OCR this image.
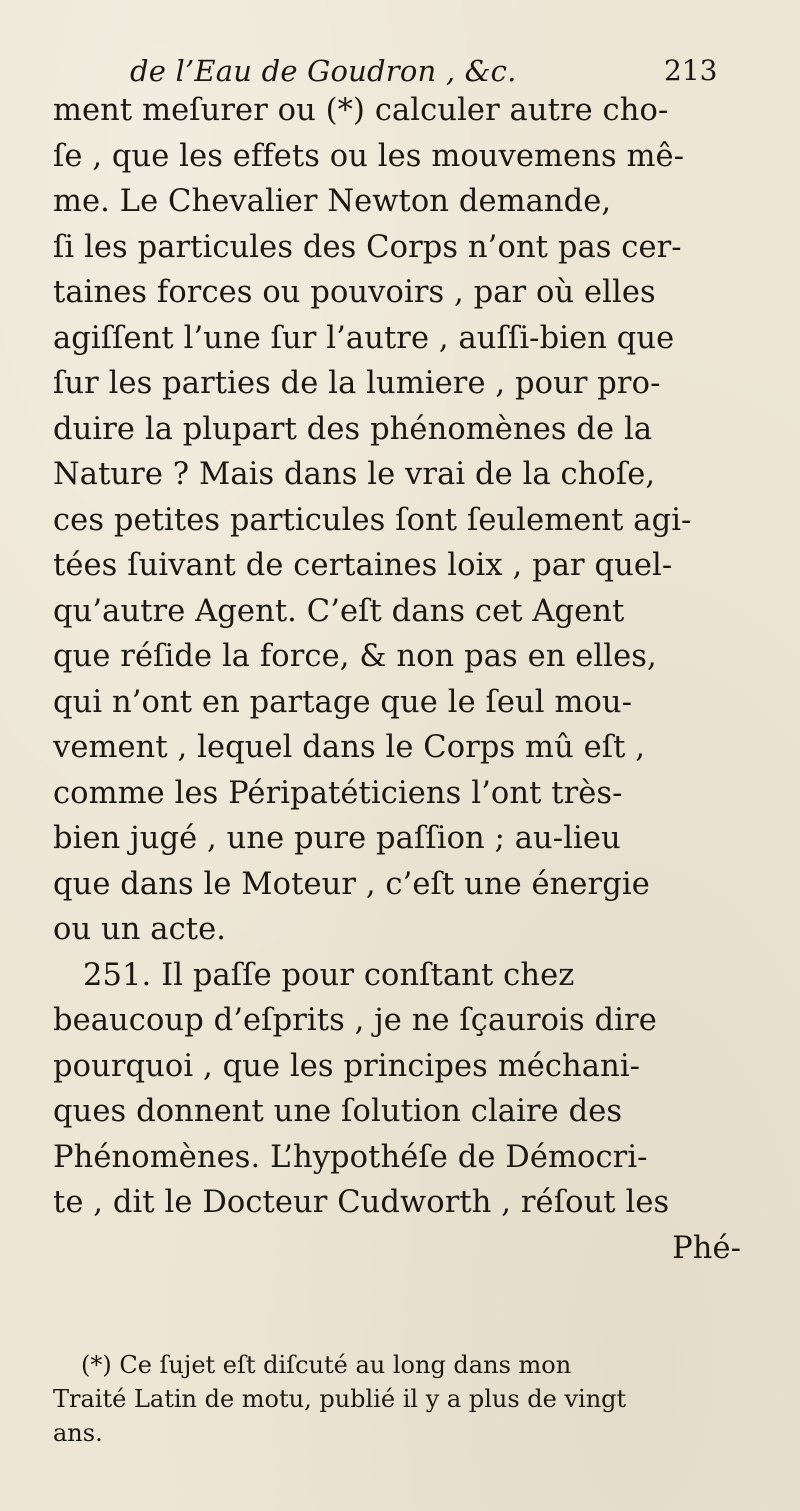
de l’Eau de Goudron , &c.	213
ment meſurer ou (*) calculer autre cho-
ſe , que les effets ou les mouvemens mê-
me. Le Chevalier Newton demande,
ſi les particules des Corps n’ont pas cer-
taines forces ou pouvoirs , par où elles
agiſſent l’une ſur l’autre , auſſi-bien que
ſur les parties de la lumiere , pour pro-
duire la plupart des phénomènes de la
Nature ? Mais dans le vrai de la choſe,
ces petites particules ſont ſeulement agi-
tées ſuivant de certaines loix , par quel-
qu’autre Agent. C’eſt dans cet Agent
que réſide la force, & non pas en elles,
qui n’ont en partage que le ſeul mou-
vement , lequel dans le Corps mû eſt ,
comme les Péripatéticiens l’ont très-
bien jugé , une pure paſſion ; au-lieu
que dans le Moteur , c’eſt une énergie
ou un acte.
251. Il paſſe pour conſtant chez
beaucoup d’eſprits , je ne ſçaurois dire
pourquoi , que les principes méchani-
ques donnent une ſolution claire des
Phénomènes. L’hypothéſe de Démocri-
te , dit le Docteur Cudworth , réſout les
Phé-
(*) Ce ſujet eſt diſcuté au long dans mon
Traité Latin de motu, publié il y a plus de vingt
ans.
